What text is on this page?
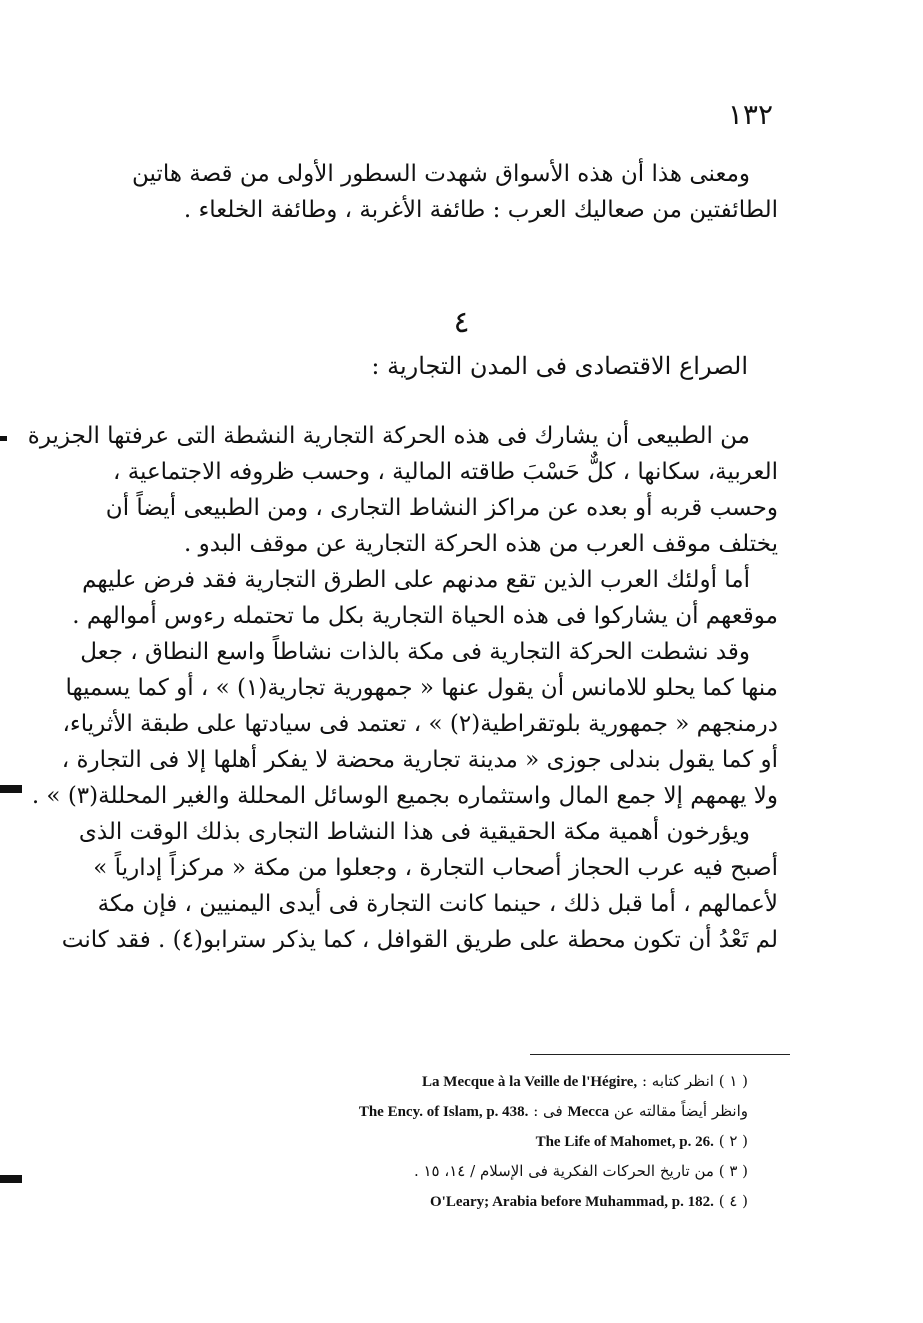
١٣٢
ومعنى هذا أن هذه الأسواق شهدت السطور الأولى من قصة هاتين
الطائفتين من صعاليك العرب : طائفة الأغربة ، وطائفة الخلعاء .
٤
الصراع الاقتصادى فى المدن التجارية :
من الطبيعى أن يشارك فى هذه الحركة التجارية النشطة التى عرفتها الجزيرة
العربية، سكانها ، كلٌّ حَسْبَ طاقته المالية ، وحسب ظروفه الاجتماعية ،
وحسب قربه أو بعده عن مراكز النشاط التجارى ، ومن الطبيعى أيضاً أن
يختلف موقف العرب من هذه الحركة التجارية عن موقف البدو .
أما أولئك العرب الذين تقع مدنهم على الطرق التجارية فقد فرض عليهم
موقعهم أن يشاركوا فى هذه الحياة التجارية بكل ما تحتمله رءوس أموالهم .
وقد نشطت الحركة التجارية فى مكة بالذات نشاطاً واسع النطاق ، جعل
منها كما يحلو للامانس أن يقول عنها « جمهورية تجارية(١) » ، أو كما يسميها
درمنجهم « جمهورية بلوتقراطية(٢) » ، تعتمد فى سيادتها على طبقة الأثرياء،
أو كما يقول بندلى جوزى « مدينة تجارية محضة لا يفكر أهلها إلا فى التجارة ،
ولا يهمهم إلا جمع المال واستثماره بجميع الوسائل المحللة والغير المحللة(٣) » .
ويؤرخون أهمية مكة الحقيقية فى هذا النشاط التجارى بذلك الوقت الذى
أصبح فيه عرب الحجاز أصحاب التجارة ، وجعلوا من مكة « مركزاً إدارياً »
لأعمالهم ، أما قبل ذلك ، حينما كانت التجارة فى أيدى اليمنيين ، فإن مكة
لم تَعْدُ أن تكون محطة على طريق القوافل ، كما يذكر سترابو(٤) . فقد كانت
( ١ ) انظر كتابه : La Mecque à la Veille de l'Hégire,
وانظر أيضاً مقالته عن Mecca فى : The Ency. of Islam, p. 438.
( ٢ ) The Life of Mahomet, p. 26.
( ٣ ) من تاريخ الحركات الفكرية فى الإسلام / ١٤، ١٥ .
( ٤ ) O'Leary; Arabia before Muhammad, p. 182.
